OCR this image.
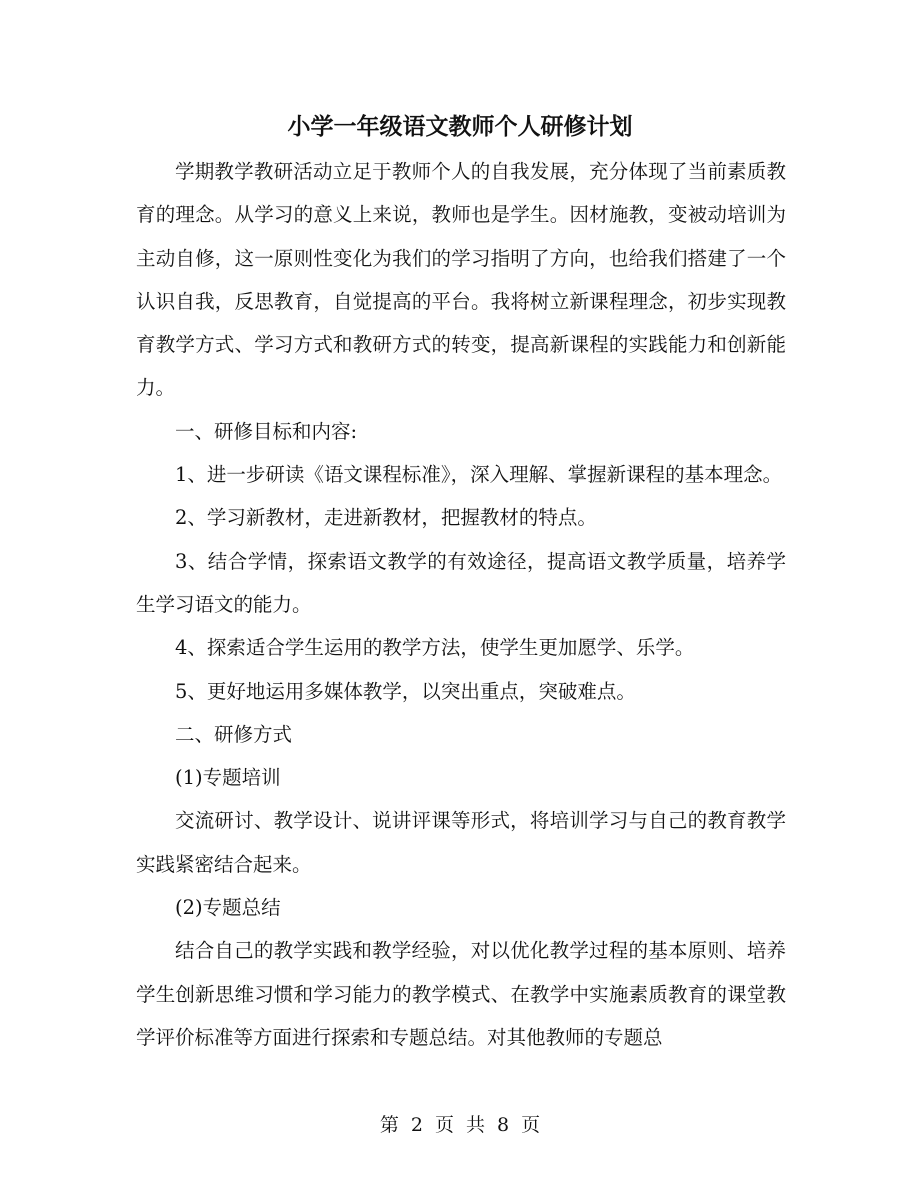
小学一年级语文教师个人研修计划

学期教学教研活动立足于教师个人的自我发展，充分体现了当前素质教育的理念。从学习的意义上来说，教师也是学生。因材施教，变被动培训为主动自修，这一原则性变化为我们的学习指明了方向，也给我们搭建了一个认识自我，反思教育，自觉提高的平台。我将树立新课程理念，初步实现教育教学方式、学习方式和教研方式的转变，提高新课程的实践能力和创新能力。

一、研修目标和内容:

1、进一步研读《语文课程标准》，深入理解、掌握新课程的基本理念。

2、学习新教材，走进新教材，把握教材的特点。

3、结合学情，探索语文教学的有效途径，提高语文教学质量，培养学生学习语文的能力。

4、探索适合学生运用的教学方法，使学生更加愿学、乐学。

5、更好地运用多媒体教学，以突出重点，突破难点。

二、研修方式

(1)专题培训

交流研讨、教学设计、说讲评课等形式，将培训学习与自己的教育教学实践紧密结合起来。

(2)专题总结

结合自己的教学实践和教学经验，对以优化教学过程的基本原则、培养学生创新思维习惯和学习能力的教学模式、在教学中实施素质教育的课堂教学评价标准等方面进行探索和专题总结。对其他教师的专题总

第 2 页 共 8 页
